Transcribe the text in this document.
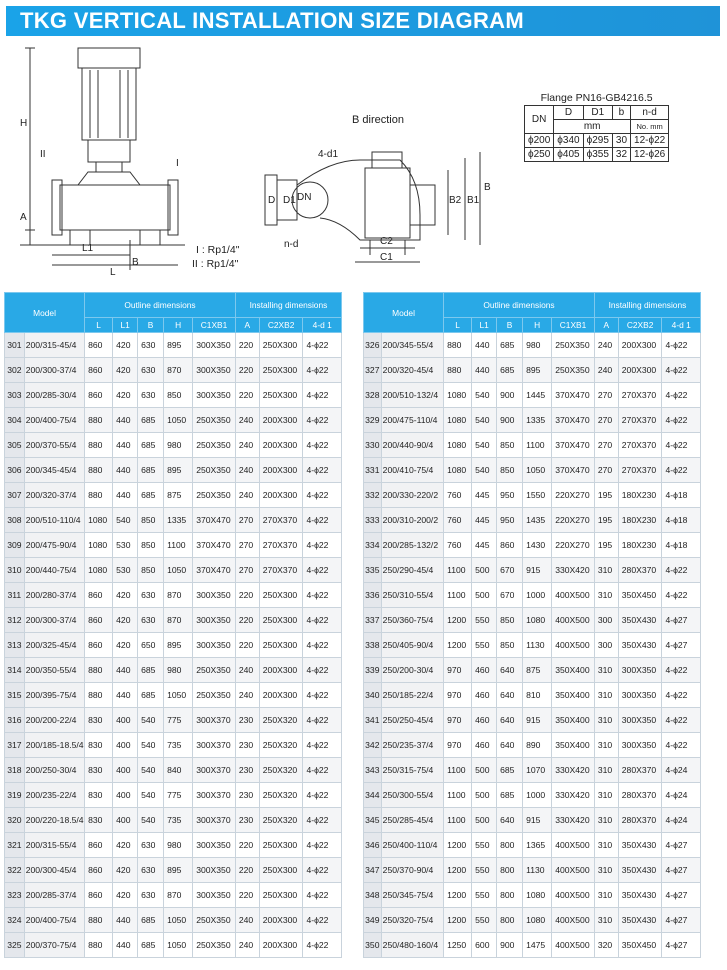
TKG VERTICAL INSTALLATION SIZE DIAGRAM
H
A
L1
L
B
II
I
B direction
4-d1
D D1 DN
n-d
B2 B1
B
C2
C1
I : Rp1/4"
II : Rp1/4"
Flange PN16-GB4216.5				
DN	D	D1	b	n-d
	mm			No. mm
ϕ200	ϕ340	ϕ295	30	12-ϕ22
ϕ250	ϕ405	ϕ355	32	12-ϕ26
Model		Outline dimensions					Installing dimensions		
		L	L1	B	H	C1XB1	A	C2XB2	4-d 1
301	200/315-45/4	860	420	630	895	300X350	220	250X300	4-ϕ22
302	200/300-37/4	860	420	630	870	300X350	220	250X300	4-ϕ22
303	200/285-30/4	860	420	630	850	300X350	220	250X300	4-ϕ22
304	200/400-75/4	880	440	685	1050	250X350	240	200X300	4-ϕ22
305	200/370-55/4	880	440	685	980	250X350	240	200X300	4-ϕ22
306	200/345-45/4	880	440	685	895	250X350	240	200X300	4-ϕ22
307	200/320-37/4	880	440	685	875	250X350	240	200X300	4-ϕ22
308	200/510-110/4	1080	540	850	1335	370X470	270	270X370	4-ϕ22
309	200/475-90/4	1080	530	850	1100	370X470	270	270X370	4-ϕ22
310	200/440-75/4	1080	530	850	1050	370X470	270	270X370	4-ϕ22
311	200/280-37/4	860	420	630	870	300X350	220	250X300	4-ϕ22
312	200/300-37/4	860	420	630	870	300X350	220	250X300	4-ϕ22
313	200/325-45/4	860	420	650	895	300X350	220	250X300	4-ϕ22
314	200/350-55/4	880	440	685	980	250X350	240	200X300	4-ϕ22
315	200/395-75/4	880	440	685	1050	250X350	240	200X300	4-ϕ22
316	200/200-22/4	830	400	540	775	300X370	230	250X320	4-ϕ22
317	200/185-18.5/4	830	400	540	735	300X370	230	250X320	4-ϕ22
318	200/250-30/4	830	400	540	840	300X370	230	250X320	4-ϕ22
319	200/235-22/4	830	400	540	775	300X370	230	250X320	4-ϕ22
320	200/220-18.5/4	830	400	540	735	300X370	230	250X320	4-ϕ22
321	200/315-55/4	860	420	630	980	300X350	220	250X300	4-ϕ22
322	200/300-45/4	860	420	630	895	300X350	220	250X300	4-ϕ22
323	200/285-37/4	860	420	630	870	300X350	220	250X300	4-ϕ22
324	200/400-75/4	880	440	685	1050	250X350	240	200X300	4-ϕ22
325	200/370-75/4	880	440	685	1050	250X350	240	200X300	4-ϕ22
Model		Outline dimensions					Installing dimensions		
		L	L1	B	H	C1XB1	A	C2XB2	4-d 1
326	200/345-55/4	880	440	685	980	250X350	240	200X300	4-ϕ22
327	200/320-45/4	880	440	685	895	250X350	240	200X300	4-ϕ22
328	200/510-132/4	1080	540	900	1445	370X470	270	270X370	4-ϕ22
329	200/475-110/4	1080	540	900	1335	370X470	270	270X370	4-ϕ22
330	200/440-90/4	1080	540	850	1100	370X470	270	270X370	4-ϕ22
331	200/410-75/4	1080	540	850	1050	370X470	270	270X370	4-ϕ22
332	200/330-220/2	760	445	950	1550	220X270	195	180X230	4-ϕ18
333	200/310-200/2	760	445	950	1435	220X270	195	180X230	4-ϕ18
334	200/285-132/2	760	445	860	1430	220X270	195	180X230	4-ϕ18
335	250/290-45/4	1100	500	670	915	330X420	310	280X370	4-ϕ22
336	250/310-55/4	1100	500	670	1000	400X500	310	350X450	4-ϕ22
337	250/360-75/4	1200	550	850	1080	400X500	300	350X430	4-ϕ27
338	250/405-90/4	1200	550	850	1130	400X500	300	350X430	4-ϕ27
339	250/200-30/4	970	460	640	875	350X400	310	300X350	4-ϕ22
340	250/185-22/4	970	460	640	810	350X400	310	300X350	4-ϕ22
341	250/250-45/4	970	460	640	915	350X400	310	300X350	4-ϕ22
342	250/235-37/4	970	460	640	890	350X400	310	300X350	4-ϕ22
343	250/315-75/4	1100	500	685	1070	330X420	310	280X370	4-ϕ24
344	250/300-55/4	1100	500	685	1000	330X420	310	280X370	4-ϕ24
345	250/285-45/4	1100	500	640	915	330X420	310	280X370	4-ϕ24
346	250/400-110/4	1200	550	800	1365	400X500	310	350X430	4-ϕ27
347	250/370-90/4	1200	550	800	1130	400X500	310	350X430	4-ϕ27
348	250/345-75/4	1200	550	800	1080	400X500	310	350X430	4-ϕ27
349	250/320-75/4	1200	550	800	1080	400X500	310	350X430	4-ϕ27
350	250/480-160/4	1250	600	900	1475	400X500	320	350X450	4-ϕ27
